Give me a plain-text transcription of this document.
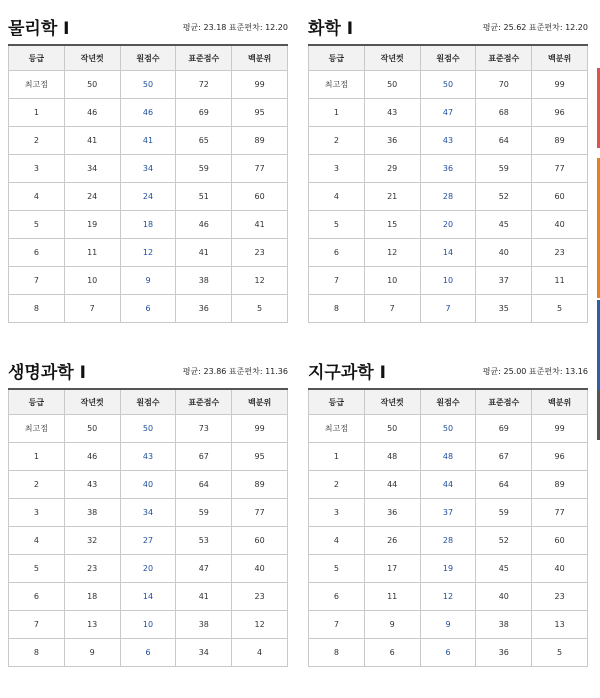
물리학 Ⅰ	평균: 23.18 표준편차: 12.20
등급	작년컷	원점수	표준점수	백분위
최고점	50	50	72	99
1	46	46	69	95
2	41	41	65	89
3	34	34	59	77
4	24	24	51	60
5	19	18	46	41
6	11	12	41	23
7	10	9	38	12
8	7	6	36	5
화학 Ⅰ	평균: 25.62 표준편차: 12.20
등급	작년컷	원점수	표준점수	백분위
최고점	50	50	70	99
1	43	47	68	96
2	36	43	64	89
3	29	36	59	77
4	21	28	52	60
5	15	20	45	40
6	12	14	40	23
7	10	10	37	11
8	7	7	35	5
생명과학 Ⅰ	평균: 23.86 표준편차: 11.36
등급	작년컷	원점수	표준점수	백분위
최고점	50	50	73	99
1	46	43	67	95
2	43	40	64	89
3	38	34	59	77
4	32	27	53	60
5	23	20	47	40
6	18	14	41	23
7	13	10	38	12
8	9	6	34	4
지구과학 Ⅰ	평균: 25.00 표준편차: 13.16
등급	작년컷	원점수	표준점수	백분위
최고점	50	50	69	99
1	48	48	67	96
2	44	44	64	89
3	36	37	59	77
4	26	28	52	60
5	17	19	45	40
6	11	12	40	23
7	9	9	38	13
8	6	6	36	5
